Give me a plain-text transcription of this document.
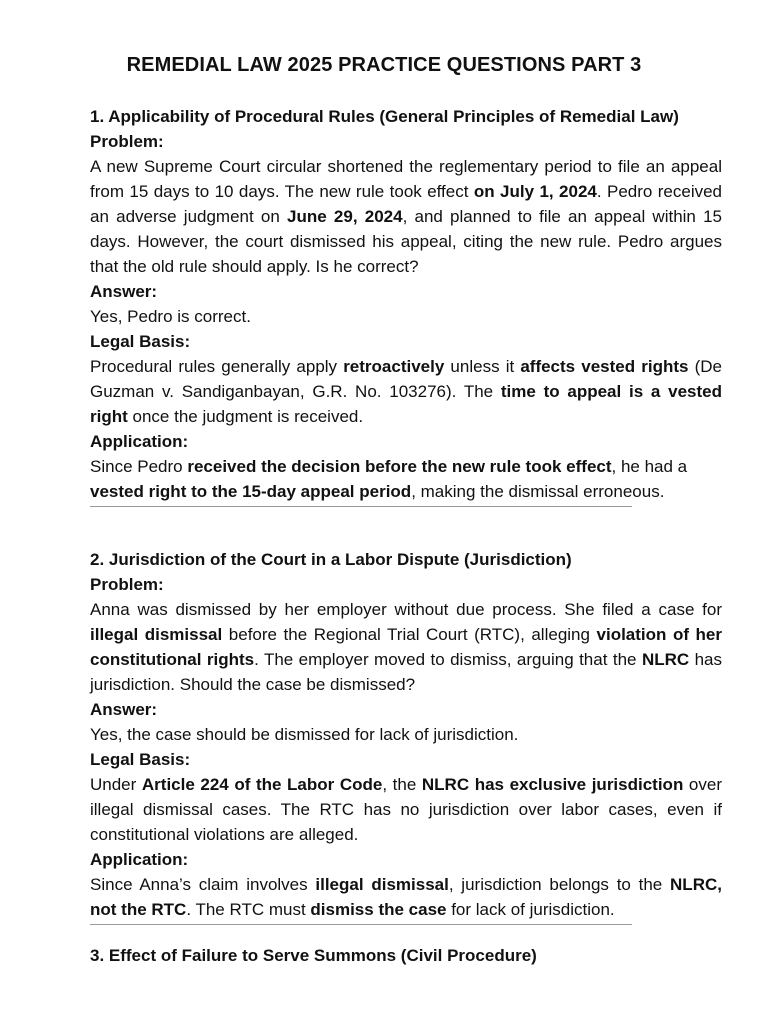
REMEDIAL LAW 2025 PRACTICE QUESTIONS PART 3

1. Applicability of Procedural Rules (General Principles of Remedial Law)

Problem:

A new Supreme Court circular shortened the reglementary period to file an appeal from 15 days to 10 days. The new rule took effect on July 1, 2024. Pedro received an adverse judgment on June 29, 2024, and planned to file an appeal within 15 days. However, the court dismissed his appeal, citing the new rule. Pedro argues that the old rule should apply. Is he correct?

Answer:

Yes, Pedro is correct.

Legal Basis:

Procedural rules generally apply retroactively unless it affects vested rights (De Guzman v. Sandiganbayan, G.R. No. 103276). The time to appeal is a vested right once the judgment is received.

Application:

Since Pedro received the decision before the new rule took effect, he had a vested right to the 15-day appeal period, making the dismissal erroneous.

2. Jurisdiction of the Court in a Labor Dispute (Jurisdiction)

Problem:

Anna was dismissed by her employer without due process. She filed a case for illegal dismissal before the Regional Trial Court (RTC), alleging violation of her constitutional rights. The employer moved to dismiss, arguing that the NLRC has jurisdiction. Should the case be dismissed?

Answer:

Yes, the case should be dismissed for lack of jurisdiction.

Legal Basis:

Under Article 224 of the Labor Code, the NLRC has exclusive jurisdiction over illegal dismissal cases. The RTC has no jurisdiction over labor cases, even if constitutional violations are alleged.

Application:

Since Anna’s claim involves illegal dismissal, jurisdiction belongs to the NLRC, not the RTC. The RTC must dismiss the case for lack of jurisdiction.

3. Effect of Failure to Serve Summons (Civil Procedure)
